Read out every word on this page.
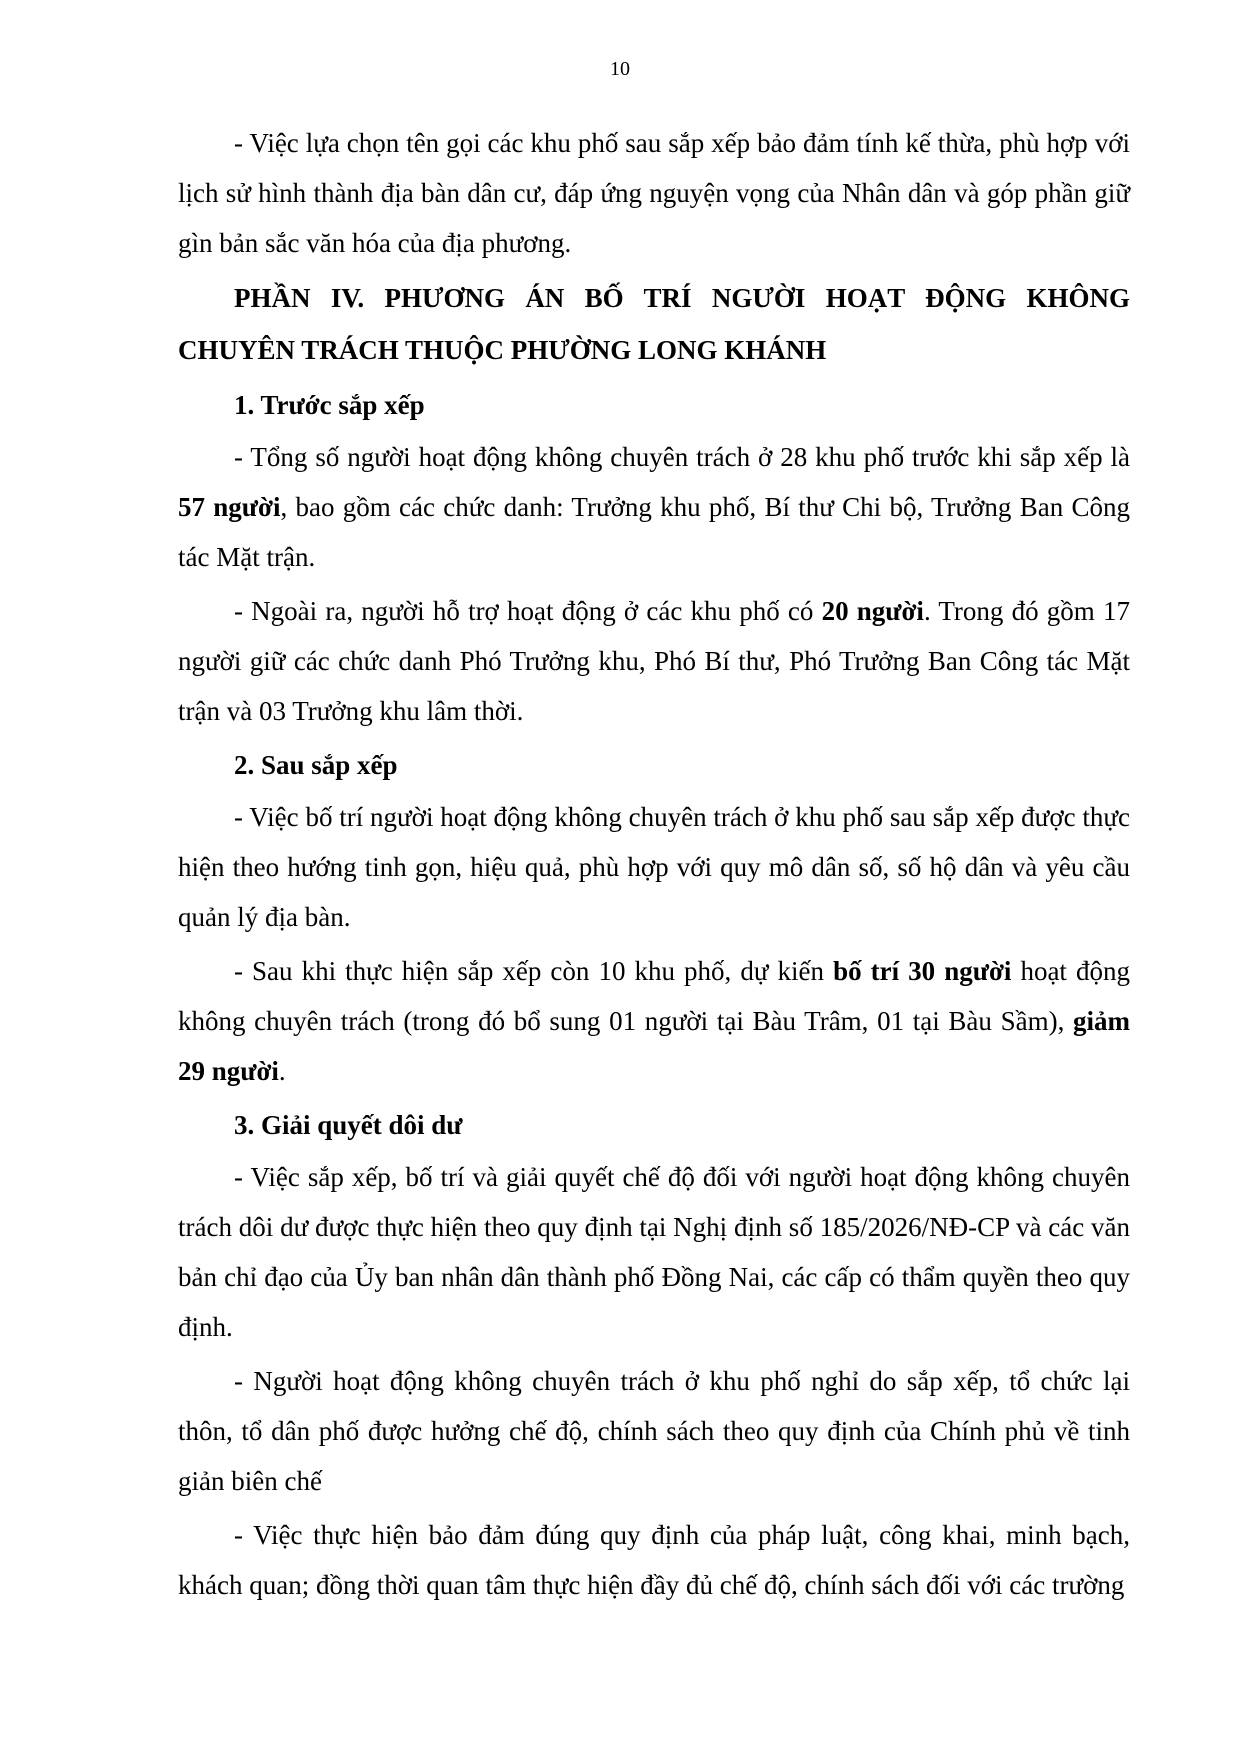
10

- Việc lựa chọn tên gọi các khu phố sau sắp xếp bảo đảm tính kế thừa, phù hợp với lịch sử hình thành địa bàn dân cư, đáp ứng nguyện vọng của Nhân dân và góp phần giữ gìn bản sắc văn hóa của địa phương.

PHẦN IV. PHƯƠNG ÁN BỐ TRÍ NGƯỜI HOẠT ĐỘNG KHÔNG CHUYÊN TRÁCH THUỘC PHƯỜNG LONG KHÁNH

1. Trước sắp xếp

- Tổng số người hoạt động không chuyên trách ở 28 khu phố trước khi sắp xếp là 57 người, bao gồm các chức danh: Trưởng khu phố, Bí thư Chi bộ, Trưởng Ban Công tác Mặt trận.

- Ngoài ra, người hỗ trợ hoạt động ở các khu phố có 20 người. Trong đó gồm 17 người giữ các chức danh Phó Trưởng khu, Phó Bí thư, Phó Trưởng Ban Công tác Mặt trận và 03 Trưởng khu lâm thời.

2. Sau sắp xếp

- Việc bố trí người hoạt động không chuyên trách ở khu phố sau sắp xếp được thực hiện theo hướng tinh gọn, hiệu quả, phù hợp với quy mô dân số, số hộ dân và yêu cầu quản lý địa bàn.

- Sau khi thực hiện sắp xếp còn 10 khu phố, dự kiến bố trí 30 người hoạt động không chuyên trách (trong đó bổ sung 01 người tại Bàu Trâm, 01 tại Bàu Sầm), giảm 29 người.

3. Giải quyết dôi dư

- Việc sắp xếp, bố trí và giải quyết chế độ đối với người hoạt động không chuyên trách dôi dư được thực hiện theo quy định tại Nghị định số 185/2026/NĐ-CP và các văn bản chỉ đạo của Ủy ban nhân dân thành phố Đồng Nai, các cấp có thẩm quyền theo quy định.

- Người hoạt động không chuyên trách ở khu phố nghỉ do sắp xếp, tổ chức lại thôn, tổ dân phố được hưởng chế độ, chính sách theo quy định của Chính phủ về tinh giản biên chế

- Việc thực hiện bảo đảm đúng quy định của pháp luật, công khai, minh bạch, khách quan; đồng thời quan tâm thực hiện đầy đủ chế độ, chính sách đối với các trường
